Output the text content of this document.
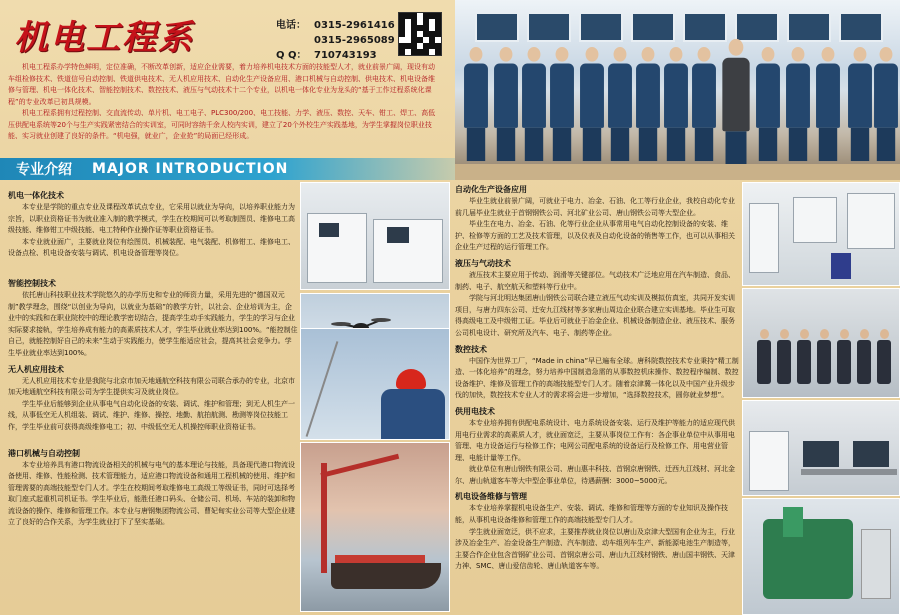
机电工程系	电话： 0315-2961416
0315-2965089
Q Q： 710743193

机电工程系办学特色鲜明，定位准确，不断改革创新，适应企业需要，着力培养机电技术方面的技能型人才，就业前景广阔，现设有动车组检修技术、铁道信号自动控制、铁道供电技术、无人机应用技术、自动化生产设备应用、港口机械与自动控制、供电技术、机电设备维修与管理、机电一体化技术、智能控制技术、数控技术、液压与气动技术十二个专业，以机电一体化专业为龙头的“基于工作过程系统化课程”的专业改革已初具规模。

机电工程系拥有过程控制、交直流传动、单片机、电工电子、PLC300/200、电工技能、力学、液压、数控、天车、钳工、焊工、高低压供配电系统等20个与生产实践紧密结合的实训室，可同时容纳千余人校内实训，建立了20个外校生产实践基地，为学生掌握岗位职业技能、实习就业创建了良好的条件。“机电强，就业广，企业抢”的局面已经形成。

专业介绍 MAJOR INTRODUCTION
机电一体化技术

本专业是学院的重点专业及课程改革试点专业，它采用以就业为导向，以培养职业能力为宗旨，以职业资格证书为就业准入制的教学模式，学生在校期间可以考取制图员、维修电工高级技能、维修钳工中级技能、电工特种作业操作证等职业资格证书。

本专业就业面广，主要就业岗位有绘图员、机械装配、电气装配、机修钳工、维修电工、设备点检、机电设备安装与调试、机电设备管理等岗位。

智能控制技术

依托唐山科技职业技术学院悠久的办学历史和专业的师资力量，采用先进的“德国双元制”教学理念，围绕“以创业为导向，以就业为基础”的教学方针，以社会、企业培训为主，企业中的实践和在职业院校中的理论教学密切结合，提高学生动手实践能力，学生的学习与企业实际要求接轨，学生培养成有能力的高素质技术人才，学生毕业就业率达到100%。“能控制住自己，就能控制好自己的未来”生动于实践能力，使学生能适应社会，提高其社会竞争力。学生毕业就业率达到100%。

无人机应用技术

无人机应用技术专业是我院与北京市加天地通航空科技有限公司联合承办的专业，北京市加天地通航空科技有限公司为学生提供实习及就业岗位。

学生毕业后能够到企业从事电气自动化设备的安装、调试、维护和管理；到无人机生产一线，从事低空无人机组装、调试、维护、维修、操控、地勤、航拍航测、勘测等岗位技能工作，学生毕业前可获得高级维修电工；初、中级低空无人机操控师职业资格证书。

港口机械与自动控制

本专业培养具有港口物流设备相关的机械与电气的基本理论与技能，具备现代港口物流设备使用、维修、性能检测、技术管理能力，适应港口物流设备和通用工程机械的使用、维护和管理需要的高端技能型专门人才。学生在校期间考取维修电工高级工等级证书，同时可选择考取门座式起重机司机证书。学生毕业后，能胜任港口码头、仓储公司、机场、车站的装卸和物流设备的操作、维修和管理工作。本专业与唐钢集团物流公司、曹妃甸实业公司等大型企业建立了良好的合作关系，为学生就业打下了坚实基础。

自动化生产设备应用

毕业生就业前景广阔，可就业于电力、冶金、石油、化工等行业企业，我校自动化专业前几届毕业生就业于首钢钢铁公司、河北矿业公司、唐山钢铁公司等大型企业。

毕业生在电力、冶金、石油、化等行业企业从事常用电气自动化控制设备的安装、维护、检修等方面的工艺及技术管理，以及仪表及自动化设备的销售等工作，也可以从事相关企业生产过程的运行管理工作。

液压与气动技术

液压技术主要应用于传动、润滑等关键部位。气动技术广泛地应用在汽车制造、食品、制药、电子、航空航天和塑料等行业中。

学院与河北明达集团唐山钢铁公司联合建立液压气动实训及模拟仿真室，共同开发实训项目，与唐力四东公司、迁安九江线材等多家唐山周边企业联合建立实训基地。毕业生可取得高级电工及中级钳工证。毕业后可就业于冶金企业、机械设备制造企业、液压技术、服务公司机电设计、研究所及汽车、电子、制药等企业。

数控技术

中国作为世界工厂，“Made in china”早已遍布全球。唐科院数控技术专业秉持“精工制造、一体化培养”的理念，努力培养中国制造急需的从事数控机床操作、数控程序编制、数控设备维护、维修及管理工作的高端技能型专门人才。随着京津冀一体化以及中国产业升级步伐的加快，数控技术专业人才的需求将会进一步增加，“选择数控技术，圆你就业梦想”。

供用电技术

本专业培养拥有供配电系统设计、电力系统设备安装、运行及维护等能力的适应现代供用电行业需求的高素质人才，就业面宽泛，主要从事岗位工作有：各企事业单位中从事用电管理、电力设备运行与检修工作；电网公司配电系统的设备运行及检修工作、用电营业管理、电能计量等工作。

就业单位有唐山钢铁有限公司、唐山惠丰科技、首钢京唐钢铁、迁西九江线材、河北金尔、唐山轨道客车等大中型企事业单位，待遇薪酬：3000~5000元。

机电设备维修与管理

本专业培养掌握机电设备生产、安装、调试、维修和管理等方面的专业知识及操作技能，从事机电设备维修和管理工作的高端技能型专门人才。

学生就业面宽泛，供不应求，主要推荐就业岗位以唐山及京津大型国有企业为主，行业涉及冶金生产、冶金设备生产制造、汽车制造、动车组列车生产、新能源电池生产制造等，主要合作企业包含首钢矿业公司、首钢京唐公司、唐山九江线材钢铁、唐山国丰钢铁、天津力神、SMC、唐山爱信齿轮、唐山轨道客车等。
